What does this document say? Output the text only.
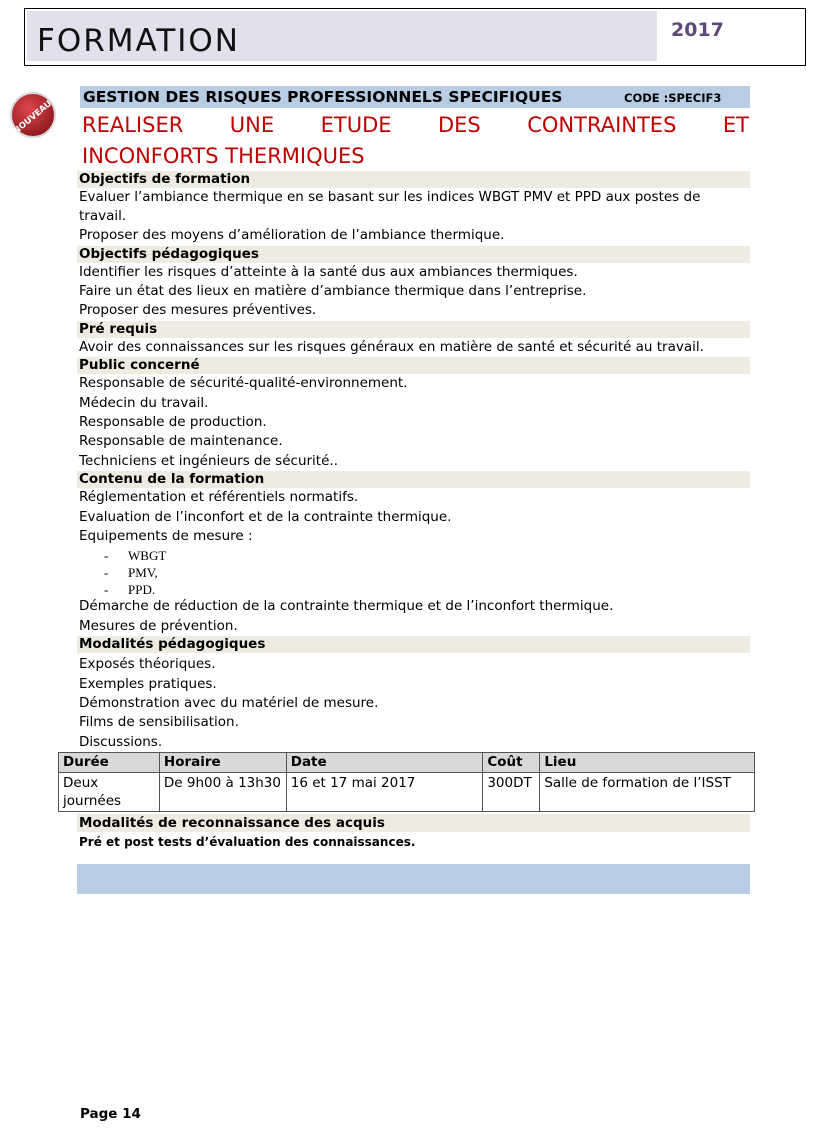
FORMATION	2017
NOUVEAU! GESTION DES RISQUES PROFESSIONNELS SPECIFIQUES	CODE :SPECIF3
REALISER UNE ETUDE DES CONTRAINTES ET
INCONFORTS THERMIQUES
Objectifs de formation
Evaluer l’ambiance thermique en se basant sur les indices WBGT PMV et PPD aux postes de
travail.
Proposer des moyens d’amélioration de l’ambiance thermique.
Objectifs pédagogiques
Identifier les risques d’atteinte à la santé dus aux ambiances thermiques.
Faire un état des lieux en matière d’ambiance thermique dans l’entreprise.
Proposer des mesures préventives.
Pré requis
Avoir des connaissances sur les risques généraux en matière de santé et sécurité au travail.
Public concerné
Responsable de sécurité-qualité-environnement.
Médecin du travail.
Responsable de production.
Responsable de maintenance.
Techniciens et ingénieurs de sécurité..
Contenu de la formation
Réglementation et référentiels normatifs.
Evaluation de l’inconfort et de la contrainte thermique.
Equipements de mesure :
- WBGT
- PMV,
- PPD.
Démarche de réduction de la contrainte thermique et de l’inconfort thermique.
Mesures de prévention.
Modalités pédagogiques
Exposés théoriques.
Exemples pratiques.
Démonstration avec du matériel de mesure.
Films de sensibilisation.
Discussions.
Durée	Horaire	Date	Coût	Lieu
Deux journées	De 9h00 à 13h30	16 et 17 mai 2017	300DT	Salle de formation de l’ISST
Modalités de reconnaissance des acquis
Pré et post tests d’évaluation des connaissances.
Page 14
